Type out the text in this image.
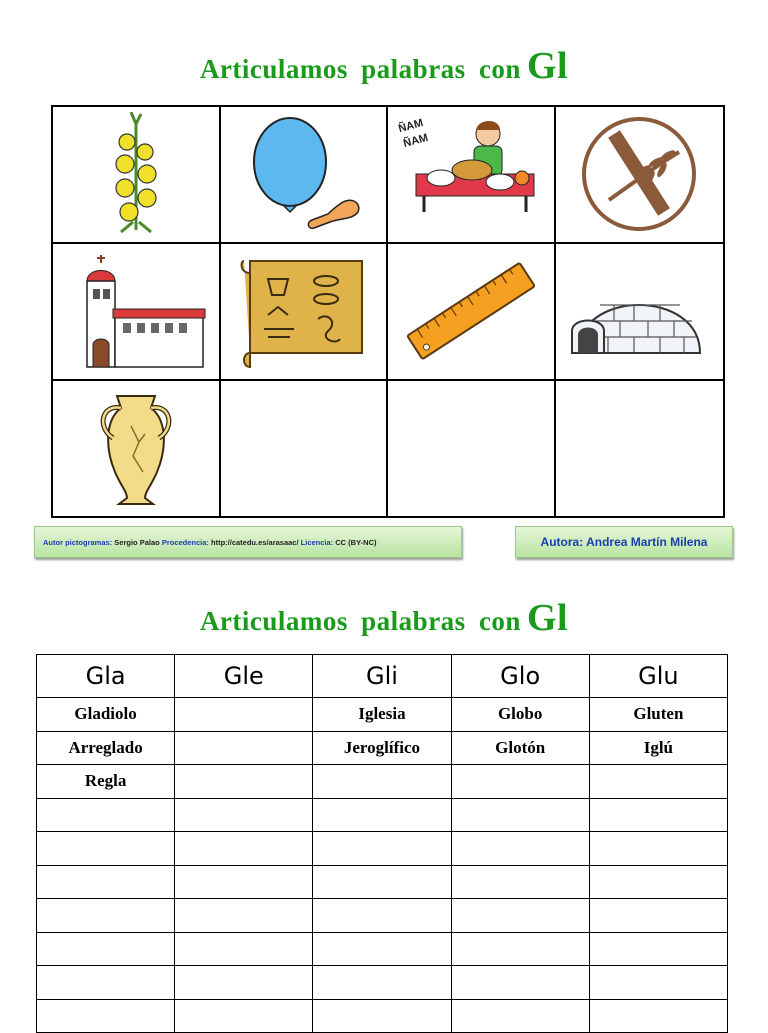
Articulamos palabras con Gl
ÑAM
ÑAM
Autor pictogramas:
Sergio Palao
Procedencia:
http://catedu.es/arasaac/
Licencia:
CC (BY-NC)	Autora: Andrea Martín Milena
Articulamos palabras con Gl
Gla	Gle	Gli	Glo	Glu
Gladiolo		Iglesia	Globo	Gluten
Arreglado		Jeroglífico	Glotón	Iglú
Regla				
